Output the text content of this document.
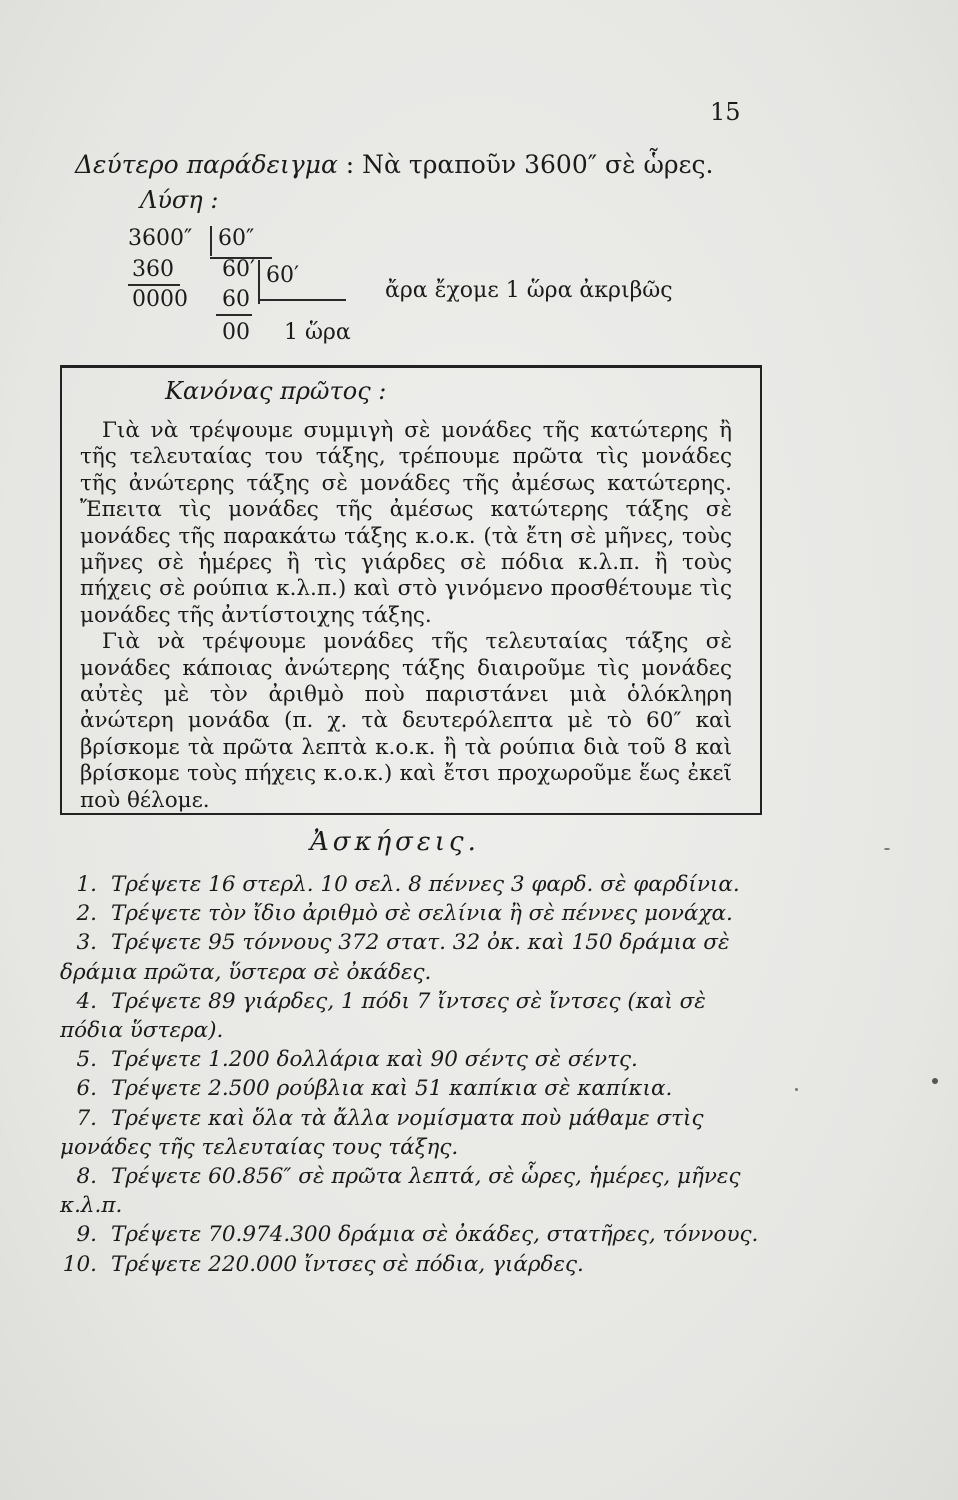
15
Δεύτερο παράδειγμα : Νὰ τραποῦν 3600″ σὲ ὧρες.
Λύση :
3600″ 60″
360
0000
60′ 60′
60
00 1 ὥρα
ἄρα ἔχομε 1 ὥρα ἀκριβῶς
Κανόνας πρῶτος :

Γιὰ νὰ τρέψουμε συμμιγὴ σὲ μονάδες τῆς κατώτερης ἢ τῆς τελευταίας του τάξης, τρέπουμε πρῶτα τὶς μονάδες τῆς ἀνώτερης τάξης σὲ μονάδες τῆς ἀμέσως κατώτερης. Ἔπειτα τὶς μονάδες τῆς ἀμέσως κατώτερης τάξης σὲ μονάδες τῆς παρακάτω τάξης κ.ο.κ. (τὰ ἔτη σὲ μῆνες, τοὺς μῆνες σὲ ἡμέρες ἢ τὶς γιάρδες σὲ πόδια κ.λ.π. ἢ τοὺς πήχεις σὲ ρούπια κ.λ.π.) καὶ στὸ γινόμενο προσθέτουμε τὶς μονάδες τῆς ἀντίστοιχης τάξης.

Γιὰ νὰ τρέψουμε μονάδες τῆς τελευταίας τάξης σὲ μονάδες κάποιας ἀνώτερης τάξης διαιροῦμε τὶς μονάδες αὐτὲς μὲ τὸν ἀριθμὸ ποὺ παριστάνει μιὰ ὁλόκληρη ἀνώτερη μονάδα (π. χ. τὰ δευτερόλεπτα μὲ τὸ 60″ καὶ βρίσκομε τὰ πρῶτα λεπτὰ κ.ο.κ. ἢ τὰ ρούπια διὰ τοῦ 8 καὶ βρίσκομε τοὺς πήχεις κ.ο.κ.) καὶ ἔτσι προχωροῦμε ἕως ἐκεῖ ποὺ θέλομε.

Ἀσκήσεις.
1. Τρέψετε 16 στερλ. 10 σελ. 8 πέννες 3 φαρδ. σὲ φαρδίνια.
2. Τρέψετε τὸν ἴδιο ἀριθμὸ σὲ σελίνια ἢ σὲ πέννες μονάχα.
3. Τρέψετε 95 τόννους 372 στατ. 32 ὀκ. καὶ 150 δράμια σὲ δράμια πρῶτα, ὕστερα σὲ ὀκάδες.
4. Τρέψετε 89 γιάρδες, 1 πόδι 7 ἴντσες σὲ ἴντσες (καὶ σὲ πόδια ὕστερα).
5. Τρέψετε 1.200 δολλάρια καὶ 90 σέντς σὲ σέντς.
6. Τρέψετε 2.500 ρούβλια καὶ 51 καπίκια σὲ καπίκια.
7. Τρέψετε καὶ ὅλα τὰ ἄλλα νομίσματα ποὺ μάθαμε στὶς μονάδες τῆς τελευταίας τους τάξης.
8. Τρέψετε 60.856″ σὲ πρῶτα λεπτά, σὲ ὧρες, ἡμέρες, μῆνες κ.λ.π.
9. Τρέψετε 70.974.300 δράμια σὲ ὀκάδες, στατῆρες, τόννους.
10. Τρέψετε 220.000 ἴντσες σὲ πόδια, γιάρδες.
